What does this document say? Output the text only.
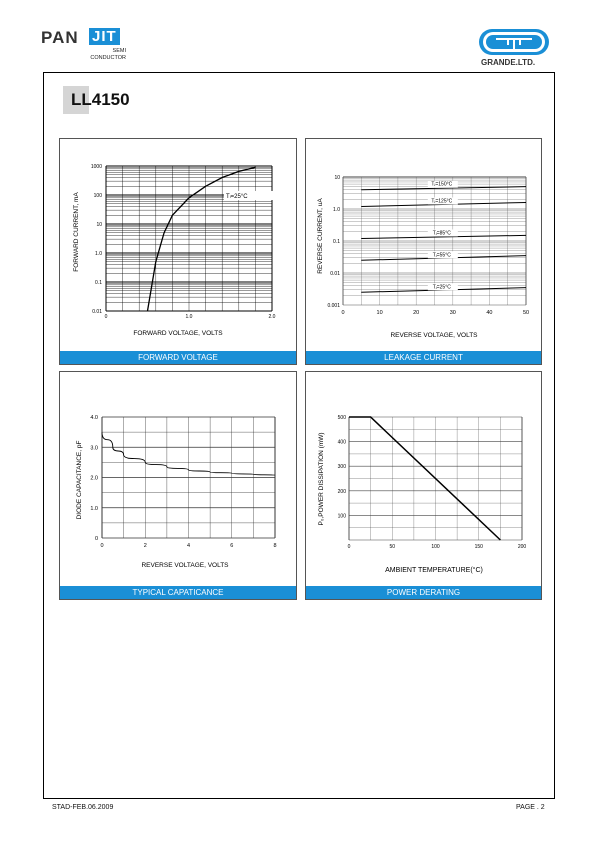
PAN JIT
SEMI
CONDUCTOR	GRANDE.LTD.
LL4150
1000
100
10
1.0
0.1
0.01
0	1.0	2.0
Tₗ=25°C
FORWARD VOLTAGE, VOLTS
FORWARD CURRENT, mA
FORWARD VOLTAGE
10
1.0
0.1
0.01
0.001
0	10	20	30	40	50
Tⱼ=150°C
Tⱼ=125°C
Tⱼ=85°C
Tⱼ=55°C
Tⱼ=25°C
REVERSE VOLTAGE, VOLTS
REVERSE CURRENT, uA
LEAKAGE CURRENT
4.0
3.0
2.0
1.0
0
0	2	4	6	8
REVERSE VOLTAGE, VOLTS
DIODE CAPACITANCE, pF
TYPICAL CAPATICANCE
500
400
300
200
100
0	50	100	150	200
AMBIENT TEMPERATURE(°C)
P₀,POWER DISSIPATION (mW)
POWER DERATING
STAD-FEB.06.2009	PAGE . 2
